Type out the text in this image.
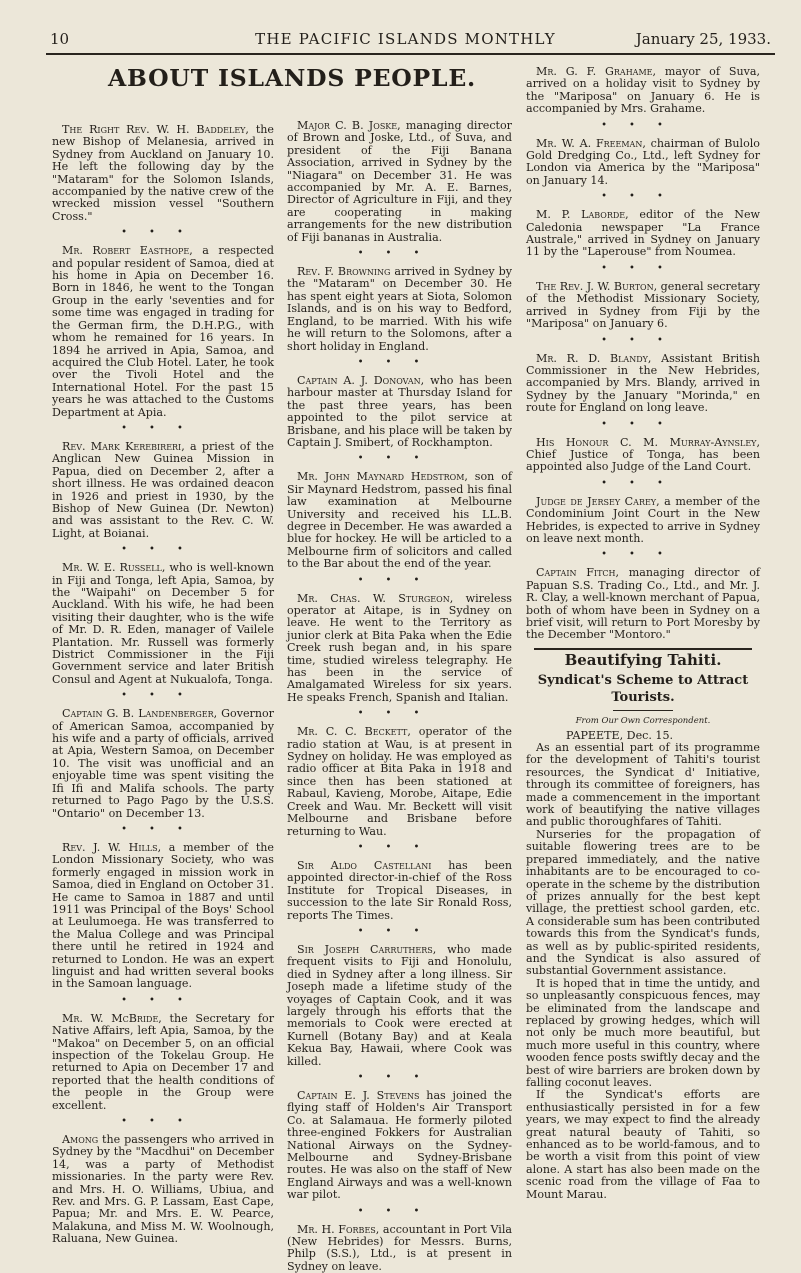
10	THE PACIFIC ISLANDS MONTHLY	January 25, 1933.
ABOUT ISLANDS PEOPLE.

The Right Rev. W. H. Baddeley, the new Bishop of Melanesia, arrived in Sydney from Auckland on January 10. He left the following day by the "Mataram" for the Solomon Islands, accompanied by the native crew of the wrecked mission vessel "Southern Cross."

•••

Mr. Robert Easthope, a respected and popular resident of Samoa, died at his home in Apia on December 16. Born in 1846, he went to the Tongan Group in the early 'seventies and for some time was engaged in trading for the German firm, the D.H.P.G., with whom he remained for 16 years. In 1894 he arrived in Apia, Samoa, and acquired the Club Hotel. Later, he took over the Tivoli Hotel and the International Hotel. For the past 15 years he was attached to the Customs Department at Apia.

•••

Rev. Mark Kerebireri, a priest of the Anglican New Guinea Mission in Papua, died on December 2, after a short illness. He was ordained deacon in 1926 and priest in 1930, by the Bishop of New Guinea (Dr. Newton) and was assistant to the Rev. C. W. Light, at Boianai.

•••

Mr. W. E. Russell, who is well-known in Fiji and Tonga, left Apia, Samoa, by the "Waipahi" on December 5 for Auckland. With his wife, he had been visiting their daughter, who is the wife of Mr. D. R. Eden, manager of Vailele Plantation. Mr. Russell was formerly District Commissioner in the Fiji Government service and later British Consul and Agent at Nukualofa, Tonga.

•••

Captain G. B. Landenberger, Governor of American Samoa, accompanied by his wife and a party of officials, arrived at Apia, Western Samoa, on December 10. The visit was unofficial and an enjoyable time was spent visiting the Ifi Ifi and Malifa schools. The party returned to Pago Pago by the U.S.S. "Ontario" on December 13.

•••

Rev. J. W. Hills, a member of the London Missionary Society, who was formerly engaged in mission work in Samoa, died in England on October 31. He came to Samoa in 1887 and until 1911 was Principal of the Boys' School at Leulumoega. He was transferred to the Malua College and was Principal there until he retired in 1924 and returned to London. He was an expert linguist and had written several books in the Samoan language.

•••

Mr. W. McBride, the Secretary for Native Affairs, left Apia, Samoa, by the "Makoa" on December 5, on an official inspection of the Tokelau Group. He returned to Apia on December 17 and reported that the health conditions of the people in the Group were excellent.

•••

Among the passengers who arrived in Sydney by the "Macdhui" on December 14, was a party of Methodist missionaries. In the party were Rev. and Mrs. H. O. Williams, Ubiua, and Rev. and Mrs. G. P. Lassam, East Cape, Papua; Mr. and Mrs. E. W. Pearce, Malakuna, and Miss M. W. Woolnough, Raluana, New Guinea.

Major C. B. Joske, managing director of Brown and Joske, Ltd., of Suva, and president of the Fiji Banana Association, arrived in Sydney by the "Niagara" on December 31. He was accompanied by Mr. A. E. Barnes, Director of Agriculture in Fiji, and they are cooperating in making arrangements for the new distribution of Fiji bananas in Australia.

•••

Rev. F. Browning arrived in Sydney by the "Mataram" on December 30. He has spent eight years at Siota, Solomon Islands, and is on his way to Bedford, England, to be married. With his wife he will return to the Solomons, after a short holiday in England.

•••

Captain A. J. Donovan, who has been harbour master at Thursday Island for the past three years, has been appointed to the pilot service at Brisbane, and his place will be taken by Captain J. Smibert, of Rockhampton.

•••

Mr. John Maynard Hedstrom, son of Sir Maynard Hedstrom, passed his final law examination at Melbourne University and received his LL.B. degree in December. He was awarded a blue for hockey. He will be articled to a Melbourne firm of solicitors and called to the Bar about the end of the year.

•••

Mr. Chas. W. Sturgeon, wireless operator at Aitape, is in Sydney on leave. He went to the Territory as junior clerk at Bita Paka when the Edie Creek rush began and, in his spare time, studied wireless telegraphy. He has been in the service of Amalgamated Wireless for six years. He speaks French, Spanish and Italian.

•••

Mr. C. C. Beckett, operator of the radio station at Wau, is at present in Sydney on holiday. He was employed as radio officer at Bita Paka in 1918 and since then has been stationed at Rabaul, Kavieng, Morobe, Aitape, Edie Creek and Wau. Mr. Beckett will visit Melbourne and Brisbane before returning to Wau.

•••

Sir Aldo Castellani has been appointed director-in-chief of the Ross Institute for Tropical Diseases, in succession to the late Sir Ronald Ross, reports The Times.

•••

Sir Joseph Carruthers, who made frequent visits to Fiji and Honolulu, died in Sydney after a long illness. Sir Joseph made a lifetime study of the voyages of Captain Cook, and it was largely through his efforts that the memorials to Cook were erected at Kurnell (Botany Bay) and at Keala Kekua Bay, Hawaii, where Cook was killed.

•••

Captain E. J. Stevens has joined the flying staff of Holden's Air Transport Co. at Salamaua. He formerly piloted three-engined Fokkers for Australian National Airways on the Sydney-Melbourne and Sydney-Brisbane routes. He was also on the staff of New England Airways and was a well-known war pilot.

•••

Mr. H. Forbes, accountant in Port Vila (New Hebrides) for Messrs. Burns, Philp (S.S.), Ltd., is at present in Sydney on leave.

Mr. G. F. Grahame, mayor of Suva, arrived on a holiday visit to Sydney by the "Mariposa" on January 6. He is accompanied by Mrs. Grahame.

•••

Mr. W. A. Freeman, chairman of Bulolo Gold Dredging Co., Ltd., left Sydney for London via America by the "Mariposa" on January 14.

•••

M. P. Laborde, editor of the New Caledonia newspaper "La France Australe," arrived in Sydney on January 11 by the "Laperouse" from Noumea.

•••

The Rev. J. W. Burton, general secretary of the Methodist Missionary Society, arrived in Sydney from Fiji by the "Mariposa" on January 6.

•••

Mr. R. D. Blandy, Assistant British Commissioner in the New Hebrides, accompanied by Mrs. Blandy, arrived in Sydney by the January "Morinda," en route for England on long leave.

•••

His Honour C. M. Murray-Aynsley, Chief Justice of Tonga, has been appointed also Judge of the Land Court.

•••

Judge de Jersey Carey, a member of the Condominium Joint Court in the New Hebrides, is expected to arrive in Sydney on leave next month.

•••

Captain Fitch, managing director of Papuan S.S. Trading Co., Ltd., and Mr. J. R. Clay, a well-known merchant of Papua, both of whom have been in Sydney on a brief visit, will return to Port Moresby by the December "Montoro."

Beautifying Tahiti.
Syndicat's Scheme to Attract Tourists.
From Our Own Correspondent.

PAPEETE, Dec. 15.

As an essential part of its programme for the development of Tahiti's tourist resources, the Syndicat d' Initiative, through its committee of foreigners, has made a commencement in the important work of beautifying the native villages and public thoroughfares of Tahiti.

Nurseries for the propagation of suitable flowering trees are to be prepared immediately, and the native inhabitants are to be encouraged to co-operate in the scheme by the distribution of prizes annually for the best kept village, the prettiest school garden, etc. A considerable sum has been contributed towards this from the Syndicat's funds, as well as by public-spirited residents, and the Syndicat is also assured of substantial Government assistance.

It is hoped that in time the untidy, and so unpleasantly conspicuous fences, may be eliminated from the landscape and replaced by growing hedges, which will not only be much more beautiful, but much more useful in this country, where wooden fence posts swiftly decay and the best of wire barriers are broken down by falling coconut leaves.

If the Syndicat's efforts are enthusiastically persisted in for a few years, we may expect to find the already great natural beauty of Tahiti, so enhanced as to be world-famous, and to be worth a visit from this point of view alone. A start has also been made on the scenic road from the village of Faa to Mount Marau.
